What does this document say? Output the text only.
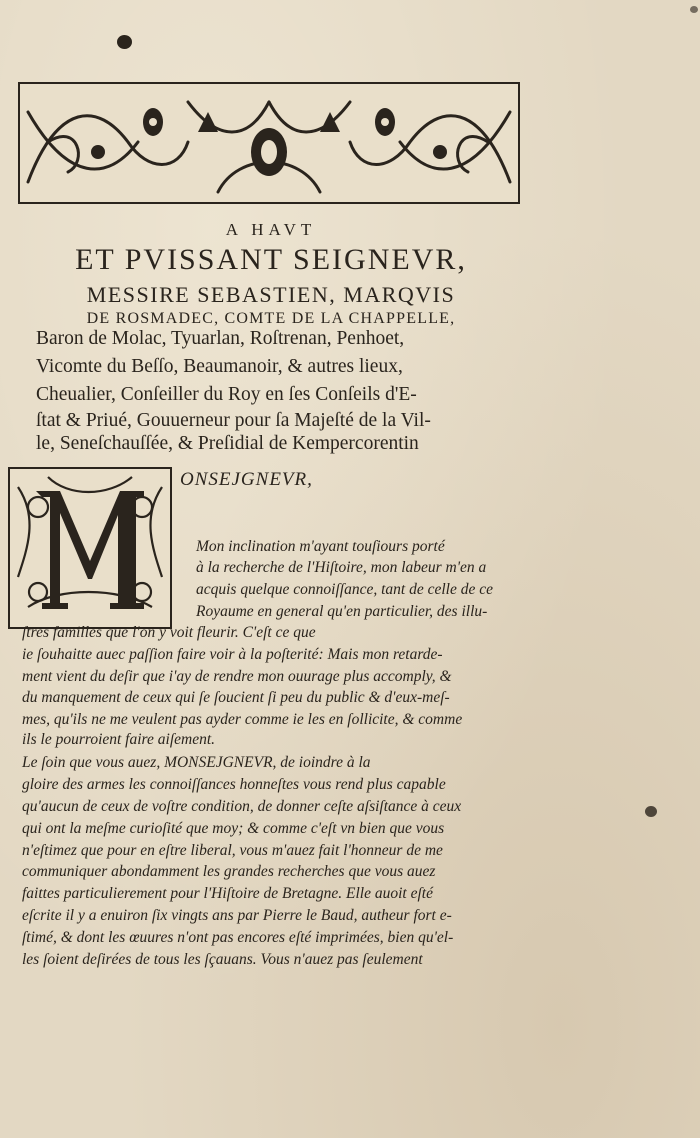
A HAVT
ET PVISSANT SEIGNEVR,
MESSIRE SEBASTIEN, MARQVIS
DE ROSMADEC, COMTE DE LA CHAPPELLE,
Baron de Molac, Tyuarlan, Roſtrenan, Penhoet,
Vicomte du Beſſo, Beaumanoir, & autres lieux,
Cheualier, Conſeiller du Roy en ſes Conſeils d'E-
ſtat & Priué, Gouuerneur pour ſa Majeſté de la Vil-
le, Seneſchauſſée, & Preſidial de Kempercorentin
ONSEJGNEVR,
Mon inclination m'ayant touſiours porté
à la recherche de l'Hiſtoire, mon labeur m'en a
acquis quelque connoiſſance, tant de celle de ce
Royaume en general qu'en particulier, des illu-
ſtres familles que l'on y voit fleurir. C'eſt ce que
ie ſouhaitte auec paſſion faire voir à la poſterité: Mais mon retarde-
ment vient du deſir que i'ay de rendre mon ouurage plus accomply, &
du manquement de ceux qui ſe ſoucient ſi peu du public & d'eux-meſ-
mes, qu'ils ne me veulent pas ayder comme ie les en ſollicite, & comme
ils le pourroient faire aiſement.
Le ſoin que vous auez, MONSEJGNEVR, de ioindre à la
gloire des armes les connoiſſances honneſtes vous rend plus capable
qu'aucun de ceux de voſtre condition, de donner ceſte aſsiſtance à ceux
qui ont la meſme curioſité que moy; & comme c'eſt vn bien que vous
n'eſtimez que pour en eſtre liberal, vous m'auez fait l'honneur de me
communiquer abondamment les grandes recherches que vous auez
faittes particulierement pour l'Hiſtoire de Bretagne. Elle auoit eſté
eſcrite il y a enuiron ſix vingts ans par Pierre le Baud, autheur fort e-
ſtimé, & dont les œuures n'ont pas encores eſté imprimées, bien qu'el-
les ſoient deſirées de tous les ſçauans. Vous n'auez pas ſeulement
